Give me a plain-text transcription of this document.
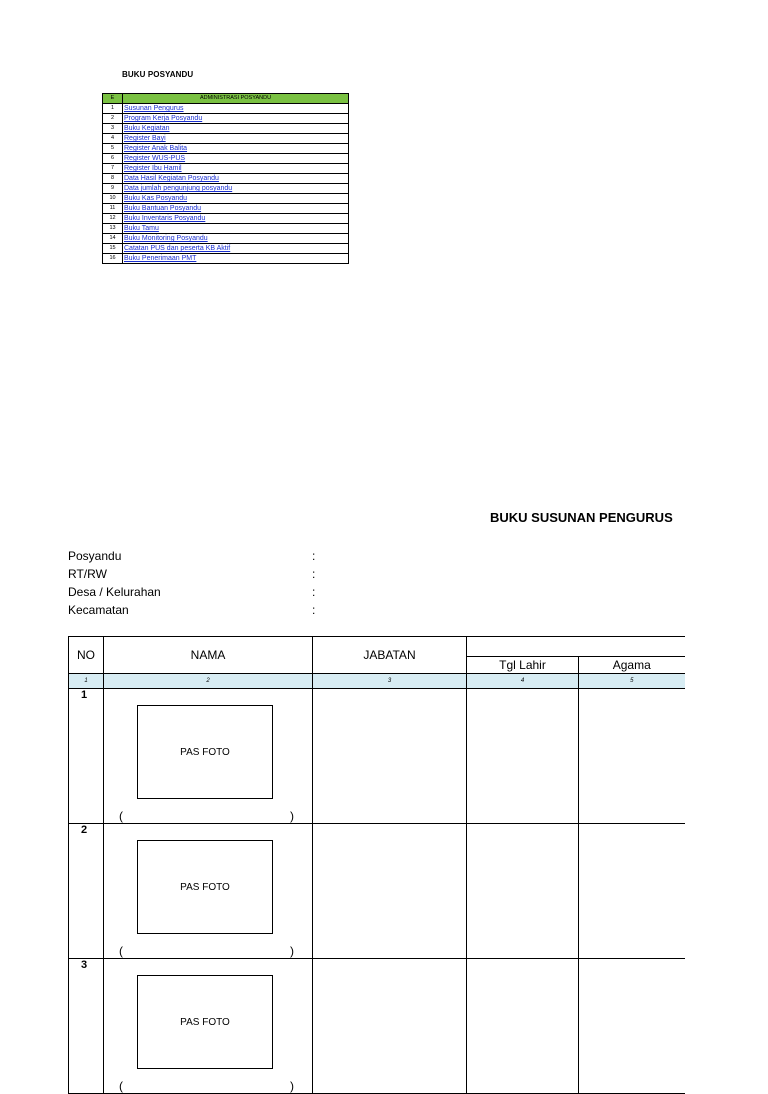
BUKU POSYANDU
E	ADMINISTRASI POSYANDU
1	Susunan Pengurus
2	Program Kerja Posyandu
3	Buku Kegiatan
4	Register Bayi
5	Register Anak Balita
6	Register WUS-PUS
7	Register Ibu Hamil
8	Data Hasil Kegiatan Posyandu
9	Data jumlah pengunjung posyandu
10	Buku Kas Posyandu
11	Buku Bantuan Posyandu
12	Buku Inventaris Posyandu
13	Buku Tamu
14	Buku Monitoring Posyandu
15	Catatan PUS dan peserta KB Aktif
16	Buku Penerimaan PMT
BUKU SUSUNAN PENGURUS
Posyandu	:
RT/RW	:
Desa / Kelurahan	:
Kecamatan	:
NO	NAMA	JABATAN		
			Tgl Lahir	Agama
1	2	3	4	5
1	PAS FOTO
( )			

2	PAS FOTO
( )			

3	PAS FOTO
( )			
